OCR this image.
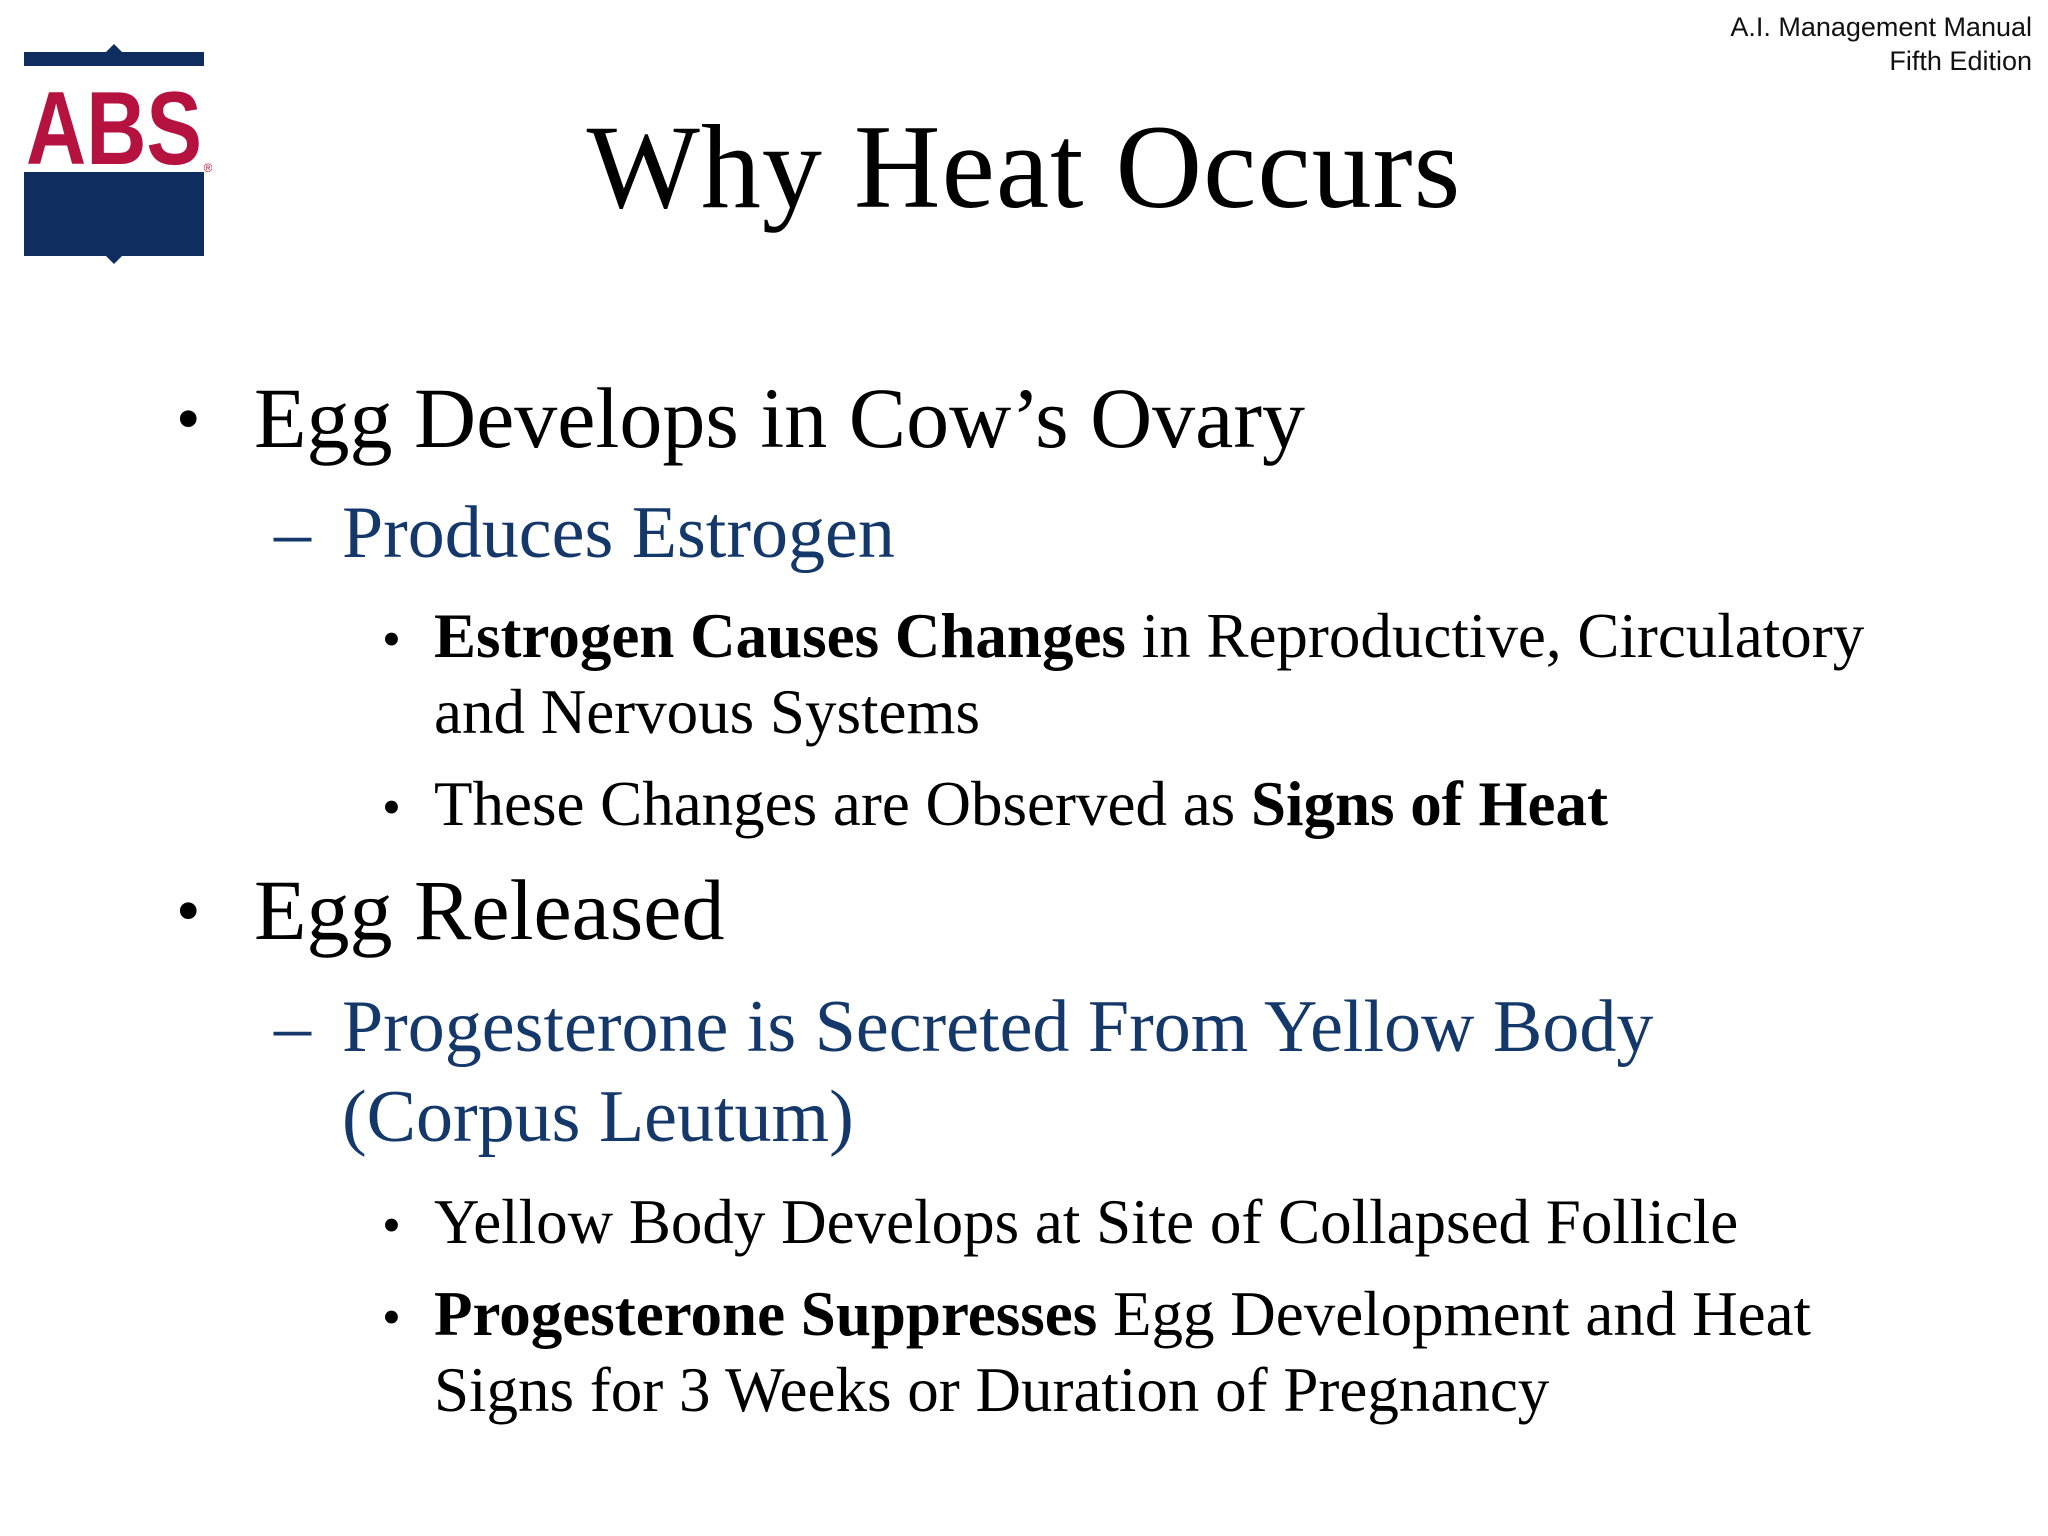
A.I. Management Manual
Fifth Edition
ABS ®	Why Heat Occurs
• Egg Develops in Cow’s Ovary
– Produces Estrogen
• Estrogen Causes Changes in Reproductive, Circulatory
and Nervous Systems
• These Changes are Observed as Signs of Heat
• Egg Released
– Progesterone is Secreted From Yellow Body
(Corpus Leutum)
• Yellow Body Develops at Site of Collapsed Follicle
• Progesterone Suppresses Egg Development and Heat
Signs for 3 Weeks or Duration of Pregnancy
